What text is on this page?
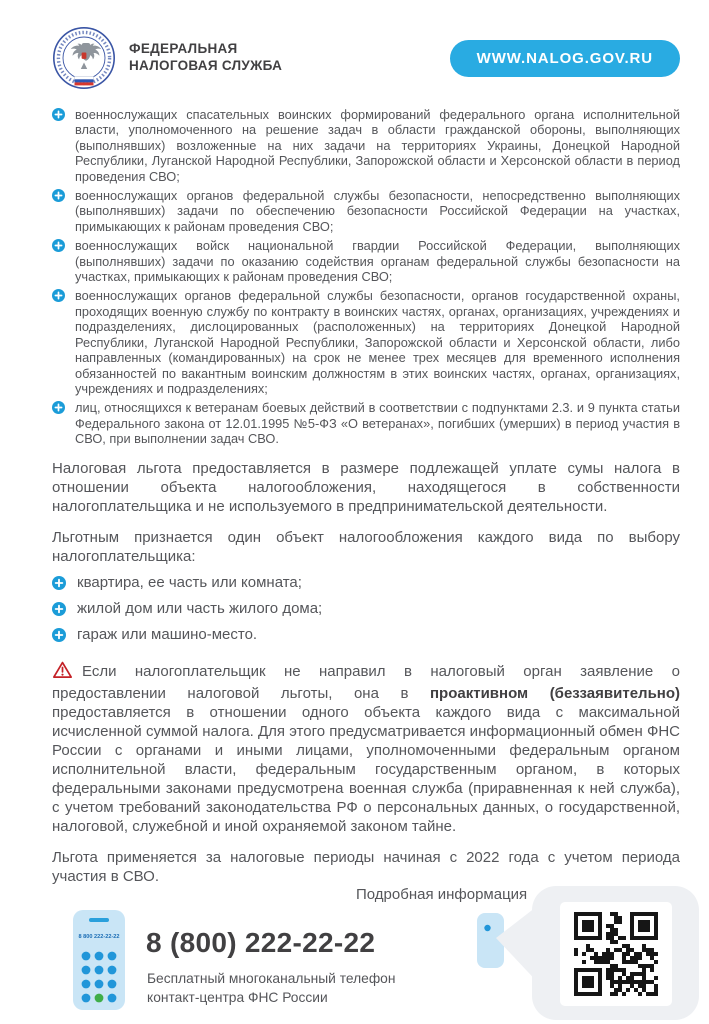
ФЕДЕРАЛЬНАЯ
НАЛОГОВАЯ СЛУЖБА	WWW.NALOG.GOV.RU
военнослужащих спасательных воинских формирований федерального органа исполнительной власти, уполномоченного на решение задач в области гражданской обороны, выполняющих (выполнявших) возложенные на них задачи на территориях Украины, Донецкой Народной Республики, Луганской Народной Республики, Запорожской области и Херсонской области в период проведения СВО;
военнослужащих органов федеральной службы безопасности, непосредственно выполняющих (выполнявших) задачи по обеспечению безопасности Российской Федерации на участках, примыкающих к районам проведения СВО;
военнослужащих войск национальной гвардии Российской Федерации, выполняющих (выполнявших) задачи по оказанию содействия органам федеральной службы безопасности на участках, примыкающих к районам проведения СВО;
военнослужащих органов федеральной службы безопасности, органов государственной охраны, проходящих военную службу по контракту в воинских частях, органах, организациях, учреждениях и подразделениях, дислоцированных (расположенных) на территориях Донецкой Народной Республики, Луганской Народной Республики, Запорожской области и Херсонской области, либо направленных (командированных) на срок не менее трех месяцев для временного исполнения обязанностей по вакантным воинским должностям в этих воинских частях, органах, организациях, учреждениях и подразделениях;
лиц, относящихся к ветеранам боевых действий в соответствии с подпунктами 2.3. и 9 пункта статьи Федерального закона от 12.01.1995 №5-ФЗ «О ветеранах», погибших (умерших) в период участия в СВО, при выполнении задач СВО.

Налоговая льгота предоставляется в размере подлежащей уплате сумы налога в отношении объекта налогообложения, находящегося в собственности налогоплательщика и не используемого в предпринимательской деятельности.

Льготным признается один объект налогообложения каждого вида по выбору налогоплательщика:

квартира, ее часть или комната;
жилой дом или часть жилого дома;
гараж или машино-место.

Если налогоплательщик не направил в налоговый орган заявление о предоставлении налоговой льготы, она в проактивном (беззаявительно) предоставляется в отношении одного объекта каждого вида с максимальной исчисленной суммой налога. Для этого предусматривается информационный обмен ФНС России с органами и иными лицами, уполномоченными федеральным органом исполнительной власти, федеральным государственным органом, в которых федеральными законами предусмотрена военная служба (приравненная к ней служба), с учетом требований законодательства РФ о персональных данных, о государственной, налоговой, служебной и иной охраняемой законом тайне.

Льгота применяется за налоговые периоды начиная с 2022 года с учетом периода участия в СВО.

8 800 222-22-22 8 (800) 222-22-22
Бесплатный многоканальный телефон контакт-центра ФНС России
Подробная информация
